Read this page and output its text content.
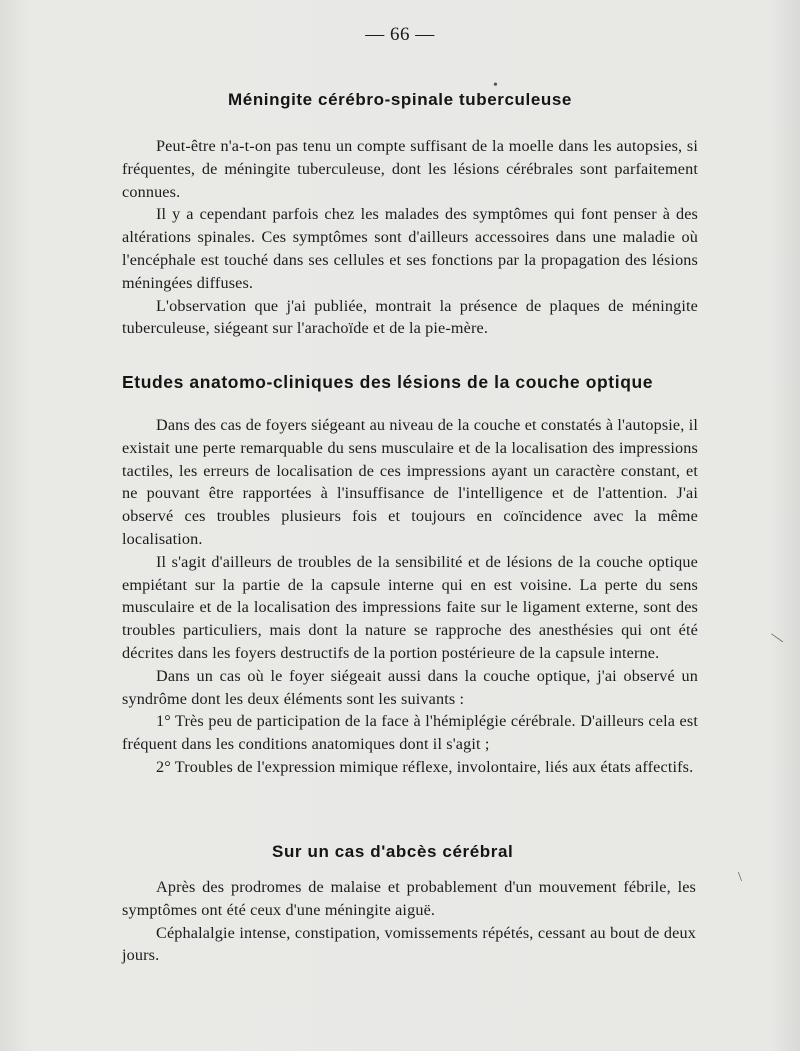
— 66 —
Méningite cérébro-spinale tuberculeuse

Peut-être n'a-t-on pas tenu un compte suffisant de la moelle dans les autopsies, si fréquentes, de méningite tuberculeuse, dont les lésions cérébrales sont parfaitement connues.

Il y a cependant parfois chez les malades des symptômes qui font penser à des altérations spinales. Ces symptômes sont d'ailleurs accessoires dans une maladie où l'encéphale est touché dans ses cellules et ses fonctions par la propagation des lésions méningées diffuses.

L'observation que j'ai publiée, montrait la présence de plaques de méningite tuberculeuse, siégeant sur l'arachoïde et de la pie-mère.

Etudes anatomo-cliniques des lésions de la couche optique

Dans des cas de foyers siégeant au niveau de la couche et constatés à l'autopsie, il existait une perte remarquable du sens musculaire et de la localisation des impressions tactiles, les erreurs de localisation de ces impressions ayant un caractère constant, et ne pouvant être rapportées à l'insuffisance de l'intelligence et de l'attention. J'ai observé ces troubles plusieurs fois et toujours en coïncidence avec la même localisation.

Il s'agit d'ailleurs de troubles de la sensibilité et de lésions de la couche optique empiétant sur la partie de la capsule interne qui en est voisine. La perte du sens musculaire et de la localisation des impressions faite sur le ligament externe, sont des troubles particuliers, mais dont la nature se rapproche des anesthésies qui ont été décrites dans les foyers destructifs de la portion postérieure de la capsule interne.

Dans un cas où le foyer siégeait aussi dans la couche optique, j'ai observé un syndrôme dont les deux éléments sont les suivants :

1° Très peu de participation de la face à l'hémiplégie cérébrale. D'ailleurs cela est fréquent dans les conditions anatomiques dont il s'agit ;

2° Troubles de l'expression mimique réflexe, involontaire, liés aux états affectifs.

Sur un cas d'abcès cérébral

Après des prodromes de malaise et probablement d'un mouvement fébrile, les symptômes ont été ceux d'une méningite aiguë.

Céphalalgie intense, constipation, vomissements répétés, cessant au bout de deux jours.

•
—
\
